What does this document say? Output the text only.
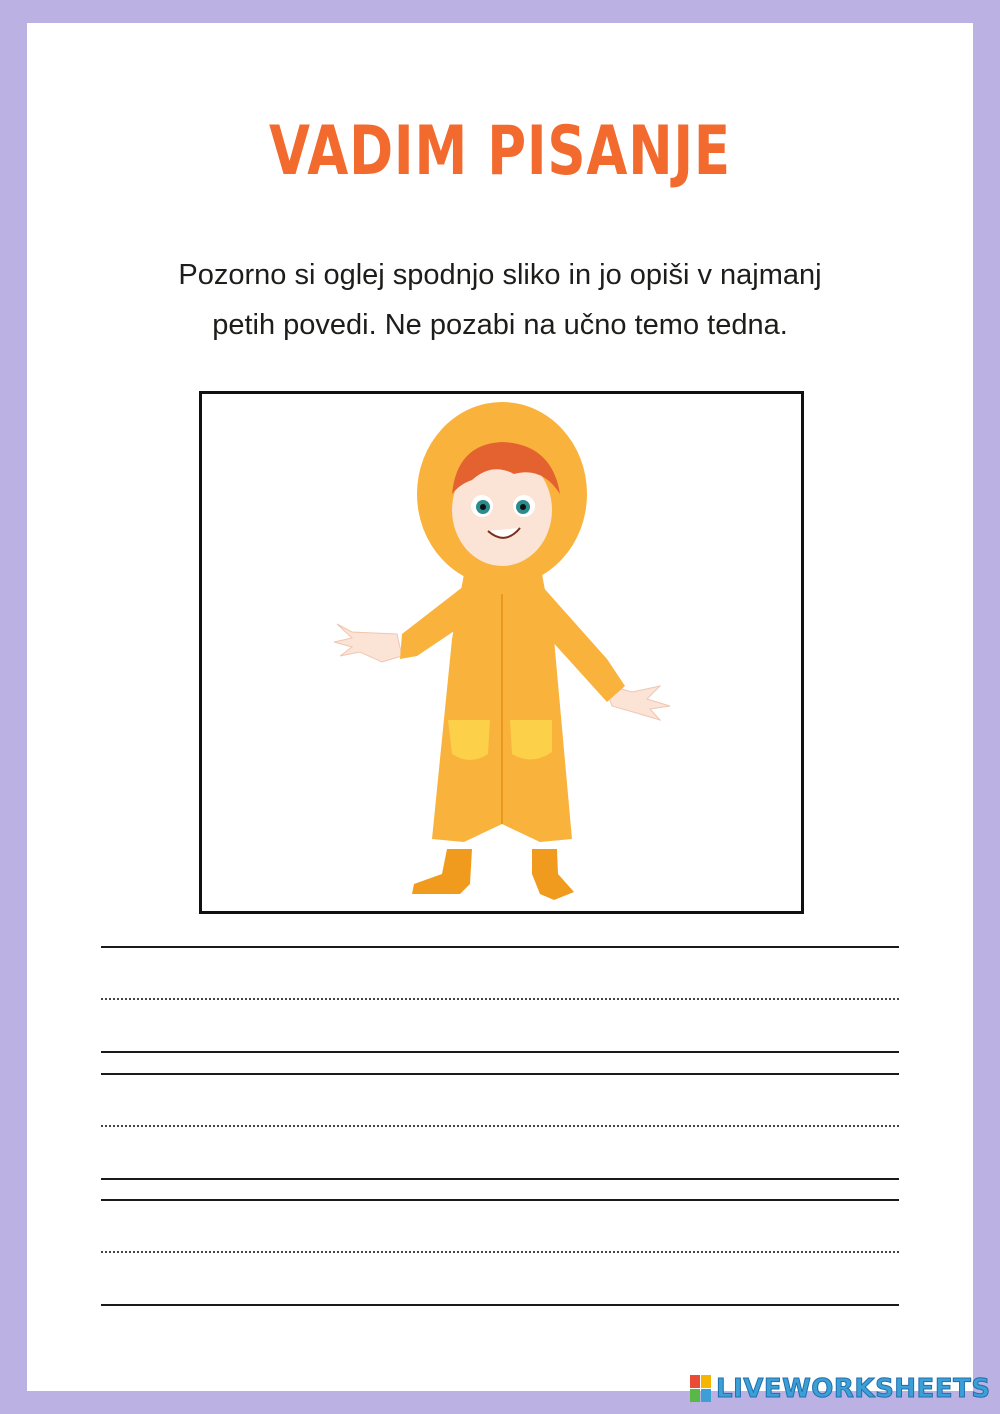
VADIM PISANJE
Pozorno si oglej spodnjo sliko in jo opiši v najmanj
petih povedi. Ne pozabi na učno temo tedna.
LIVEWORKSHEETS
